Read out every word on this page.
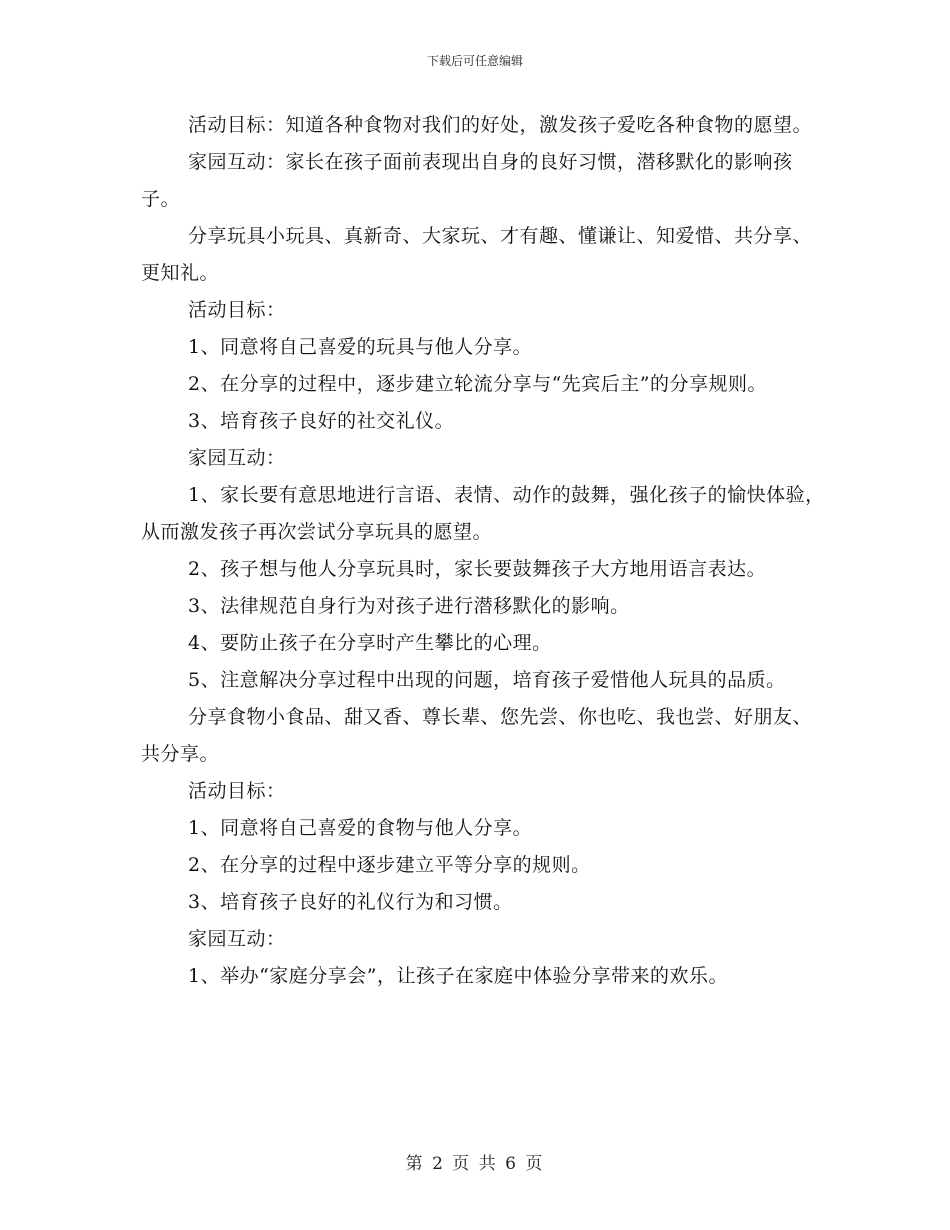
下载后可任意编辑

活动目标：知道各种食物对我们的好处，激发孩子爱吃各种食物的愿望。

家园互动：家长在孩子面前表现出自身的良好习惯，潜移默化的影响孩子。

分享玩具小玩具、真新奇、大家玩、才有趣、懂谦让、知爱惜、共分享、更知礼。

活动目标：

1、同意将自己喜爱的玩具与他人分享。

2、在分享的过程中，逐步建立轮流分享与“先宾后主”的分享规则。

3、培育孩子良好的社交礼仪。

家园互动：

1、家长要有意思地进行言语、表情、动作的鼓舞，强化孩子的愉快体验，从而激发孩子再次尝试分享玩具的愿望。

2、孩子想与他人分享玩具时，家长要鼓舞孩子大方地用语言表达。

3、法律规范自身行为对孩子进行潜移默化的影响。

4、要防止孩子在分享时产生攀比的心理。

5、注意解决分享过程中出现的问题，培育孩子爱惜他人玩具的品质。

分享食物小食品、甜又香、尊长辈、您先尝、你也吃、我也尝、好朋友、共分享。

活动目标：

1、同意将自己喜爱的食物与他人分享。

2、在分享的过程中逐步建立平等分享的规则。

3、培育孩子良好的礼仪行为和习惯。

家园互动：

1、举办“家庭分享会”，让孩子在家庭中体验分享带来的欢乐。

第 2 页 共 6 页
